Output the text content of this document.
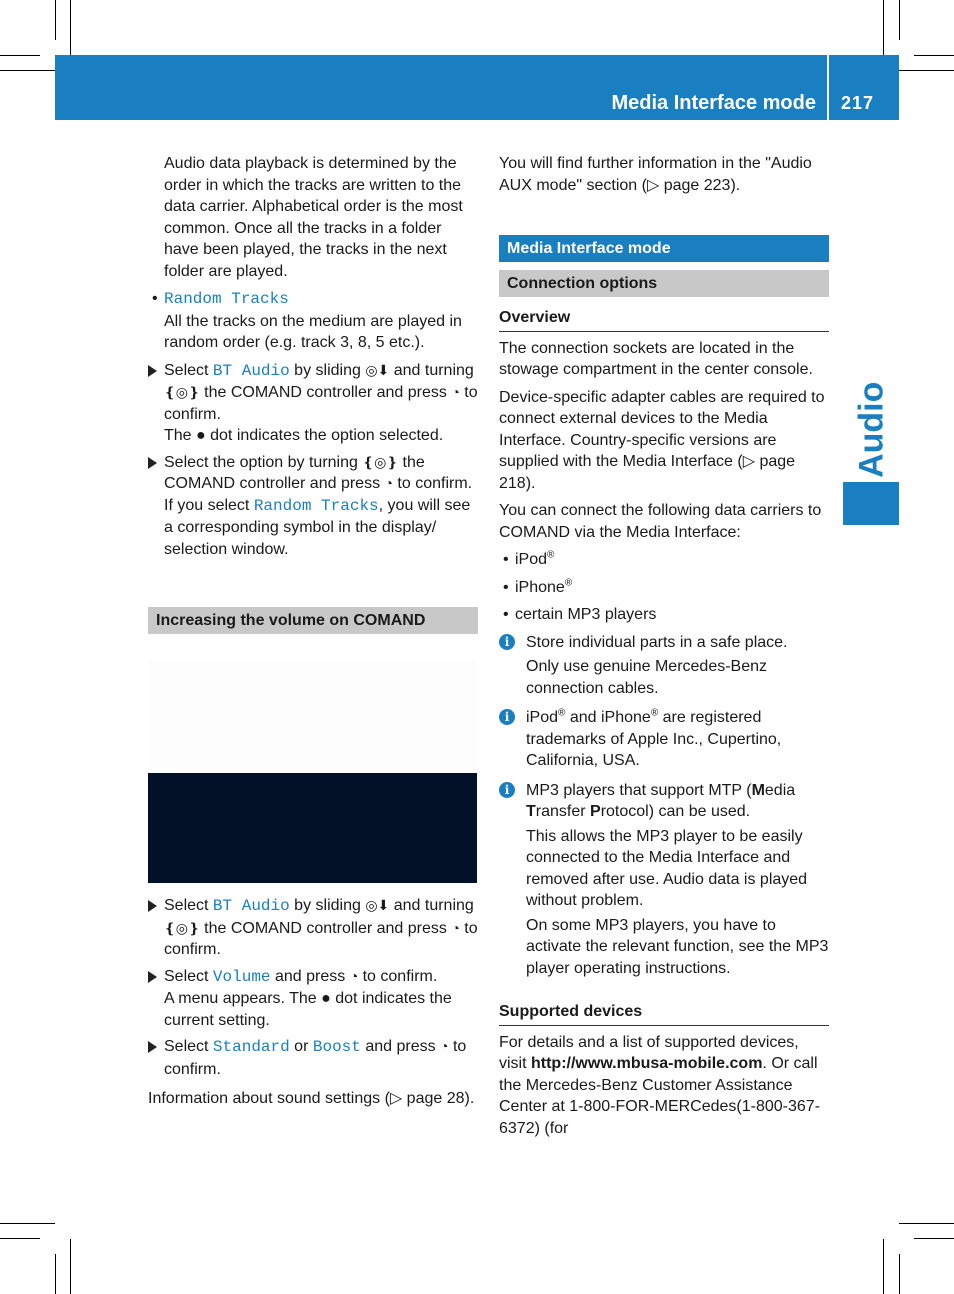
Media Interface mode 217
Audio

Audio data playback is determined by the order in which the tracks are written to the data carrier. Alphabetical order is the most common. Once all the tracks in a folder have been played, the tracks in the next folder are played.

• Random Tracks

All the tracks on the medium are played in random order (e.g. track 3, 8, 5 etc.).

Select BT Audio by sliding ◎⬇ and turning ❴◎❵ the COMAND controller and press ◔ to confirm.

The ● dot indicates the option selected.

Select the option by turning ❴◎❵ the COMAND controller and press ◔ to confirm.

If you select Random Tracks, you will see a corresponding symbol in the display/ selection window.

Increasing the volume on COMAND
Select BT Audio by sliding ◎⬇ and turning ❴◎❵ the COMAND controller and press ◔ to confirm.
Select Volume and press ◔ to confirm.

A menu appears. The ● dot indicates the current setting.

Select Standard or Boost and press ◔ to confirm.

Information about sound settings (▷ page 28).

You will find further information in the "Audio AUX mode" section (▷ page 223).

Media Interface mode
Connection options
Overview

The connection sockets are located in the stowage compartment in the center console.

Device-specific adapter cables are required to connect external devices to the Media Interface. Country-specific versions are supplied with the Media Interface (▷ page 218).

You can connect the following data carriers to COMAND via the Media Interface:

• iPod®
• iPhone®
• certain MP3 players
i	Store individual parts in a safe place.

Only use genuine Mercedes-Benz connection cables.

i	iPod® and iPhone® are registered trademarks of Apple Inc., Cupertino, California, USA.

i	MP3 players that support MTP (Media Transfer Protocol) can be used.

This allows the MP3 player to be easily connected to the Media Interface and removed after use. Audio data is played without problem.

On some MP3 players, you have to activate the relevant function, see the MP3 player operating instructions.

Supported devices

For details and a list of supported devices, visit http://www.mbusa-mobile.com. Or call the Mercedes-Benz Customer Assistance Center at 1-800-FOR-MERCedes(1-800-367-6372) (for
